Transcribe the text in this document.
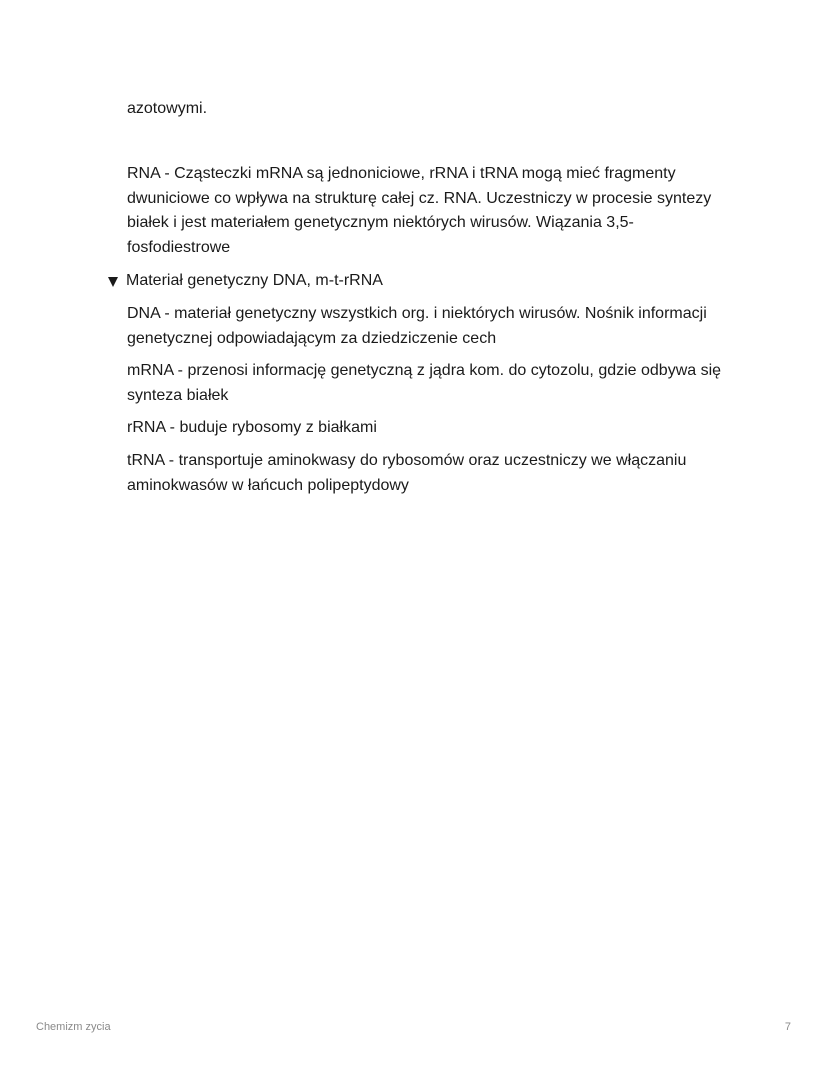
azotowymi.

RNA - Cząsteczki mRNA są jednoniciowe, rRNA i tRNA mogą mieć fragmenty dwuniciowe co wpływa na strukturę całej cz. RNA. Uczestniczy w procesie syntezy białek i jest materiałem genetycznym niektórych wirusów. Wiązania 3,5-fosfodiestrowe

Materiał genetyczny DNA, m-t-rRNA

DNA - materiał genetyczny wszystkich org. i niektórych wirusów. Nośnik informacji genetycznej odpowiadającym za dziedziczenie cech

mRNA - przenosi informację genetyczną z jądra kom. do cytozolu, gdzie odbywa się synteza białek

rRNA - buduje rybosomy z białkami

tRNA - transportuje aminokwasy do rybosomów oraz uczestniczy we włączaniu aminokwasów w łańcuch polipeptydowy

Chemizm zycia	7
